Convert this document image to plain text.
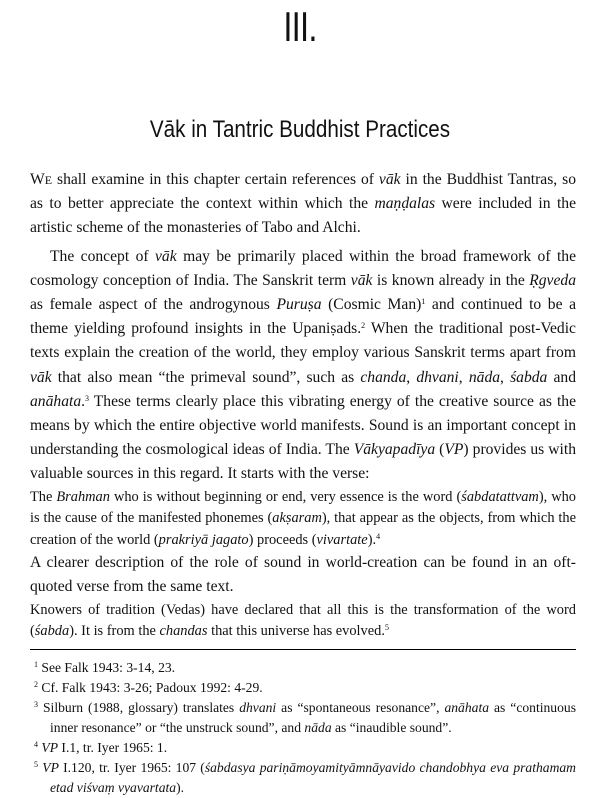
III.
Vāk in Tantric Buddhist Practices

WE shall examine in this chapter certain references of vāk in the Buddhist Tantras, so as to better appreciate the context within which the maṇḍalas were included in the artistic scheme of the monasteries of Tabo and Alchi.

The concept of vāk may be primarily placed within the broad framework of the cosmology conception of India. The Sanskrit term vāk is known already in the Ṛgveda as female aspect of the androgynous Puruṣa (Cosmic Man)$^1$ and continued to be a theme yielding profound insights in the Upaniṣads.$^2$ When the traditional post-Vedic texts explain the creation of the world, they employ various Sanskrit terms apart from vāk that also mean “the primeval sound”, such as chanda, dhvani, nāda, śabda and anāhata.$^3$ These terms clearly place this vibrating energy of the creative source as the means by which the entire objective world manifests. Sound is an important concept in understanding the cosmological ideas of India. The Vākyapadīya (VP) provides us with valuable sources in this regard. It starts with the verse:

The Brahman who is without beginning or end, very essence is the word (śabdatattvam), who is the cause of the manifested phonemes (akṣaram), that appear as the objects, from which the creation of the world (prakriyā jagato) proceeds (vivartate).$^4$

A clearer description of the role of sound in world-creation can be found in an oft-quoted verse from the same text.

Knowers of tradition (Vedas) have declared that all this is the transformation of the word (śabda). It is from the chandas that this universe has evolved.$^5$

$^1$ See Falk 1943: 3-14, 23.

$^2$ Cf. Falk 1943: 3-26; Padoux 1992: 4-29.

$^3$ Silburn (1988, glossary) translates dhvani as “spontaneous resonance”, anāhata as “continuous inner resonance” or “the unstruck sound”, and nāda as “inaudible sound”.

$^4$ VP I.1, tr. Iyer 1965: 1.

$^5$ VP I.120, tr. Iyer 1965: 107 (śabdasya pariṇāmoyamityāmnāyavido chandobhya eva prathamam etad viśvaṃ vyavartata).
